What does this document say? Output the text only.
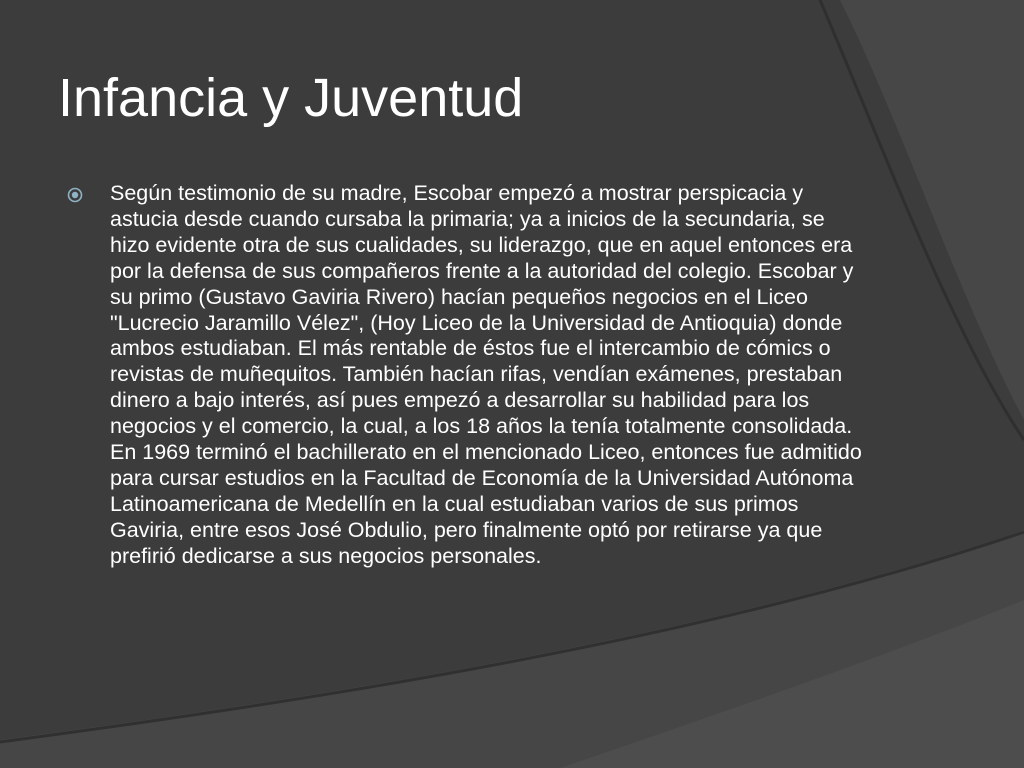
Infancia y Juventud

Según testimonio de su madre, Escobar empezó a mostrar perspicacia y astucia desde cuando cursaba la primaria; ya a inicios de la secundaria, se hizo evidente otra de sus cualidades, su liderazgo, que en aquel entonces era por la defensa de sus compañeros frente a la autoridad del colegio. Escobar y su primo (Gustavo Gaviria Rivero) hacían pequeños negocios en el Liceo "Lucrecio Jaramillo Vélez", (Hoy Liceo de la Universidad de Antioquia) donde ambos estudiaban. El más rentable de éstos fue el intercambio de cómics o revistas de muñequitos. También hacían rifas, vendían exámenes, prestaban dinero a bajo interés, así pues empezó a desarrollar su habilidad para los negocios y el comercio, la cual, a los 18 años la tenía totalmente consolidada. En 1969 terminó el bachillerato en el mencionado Liceo, entonces fue admitido para cursar estudios en la Facultad de Economía de la Universidad Autónoma Latinoamericana de Medellín en la cual estudiaban varios de sus primos Gaviria, entre esos José Obdulio, pero finalmente optó por retirarse ya que prefirió dedicarse a sus negocios personales.
